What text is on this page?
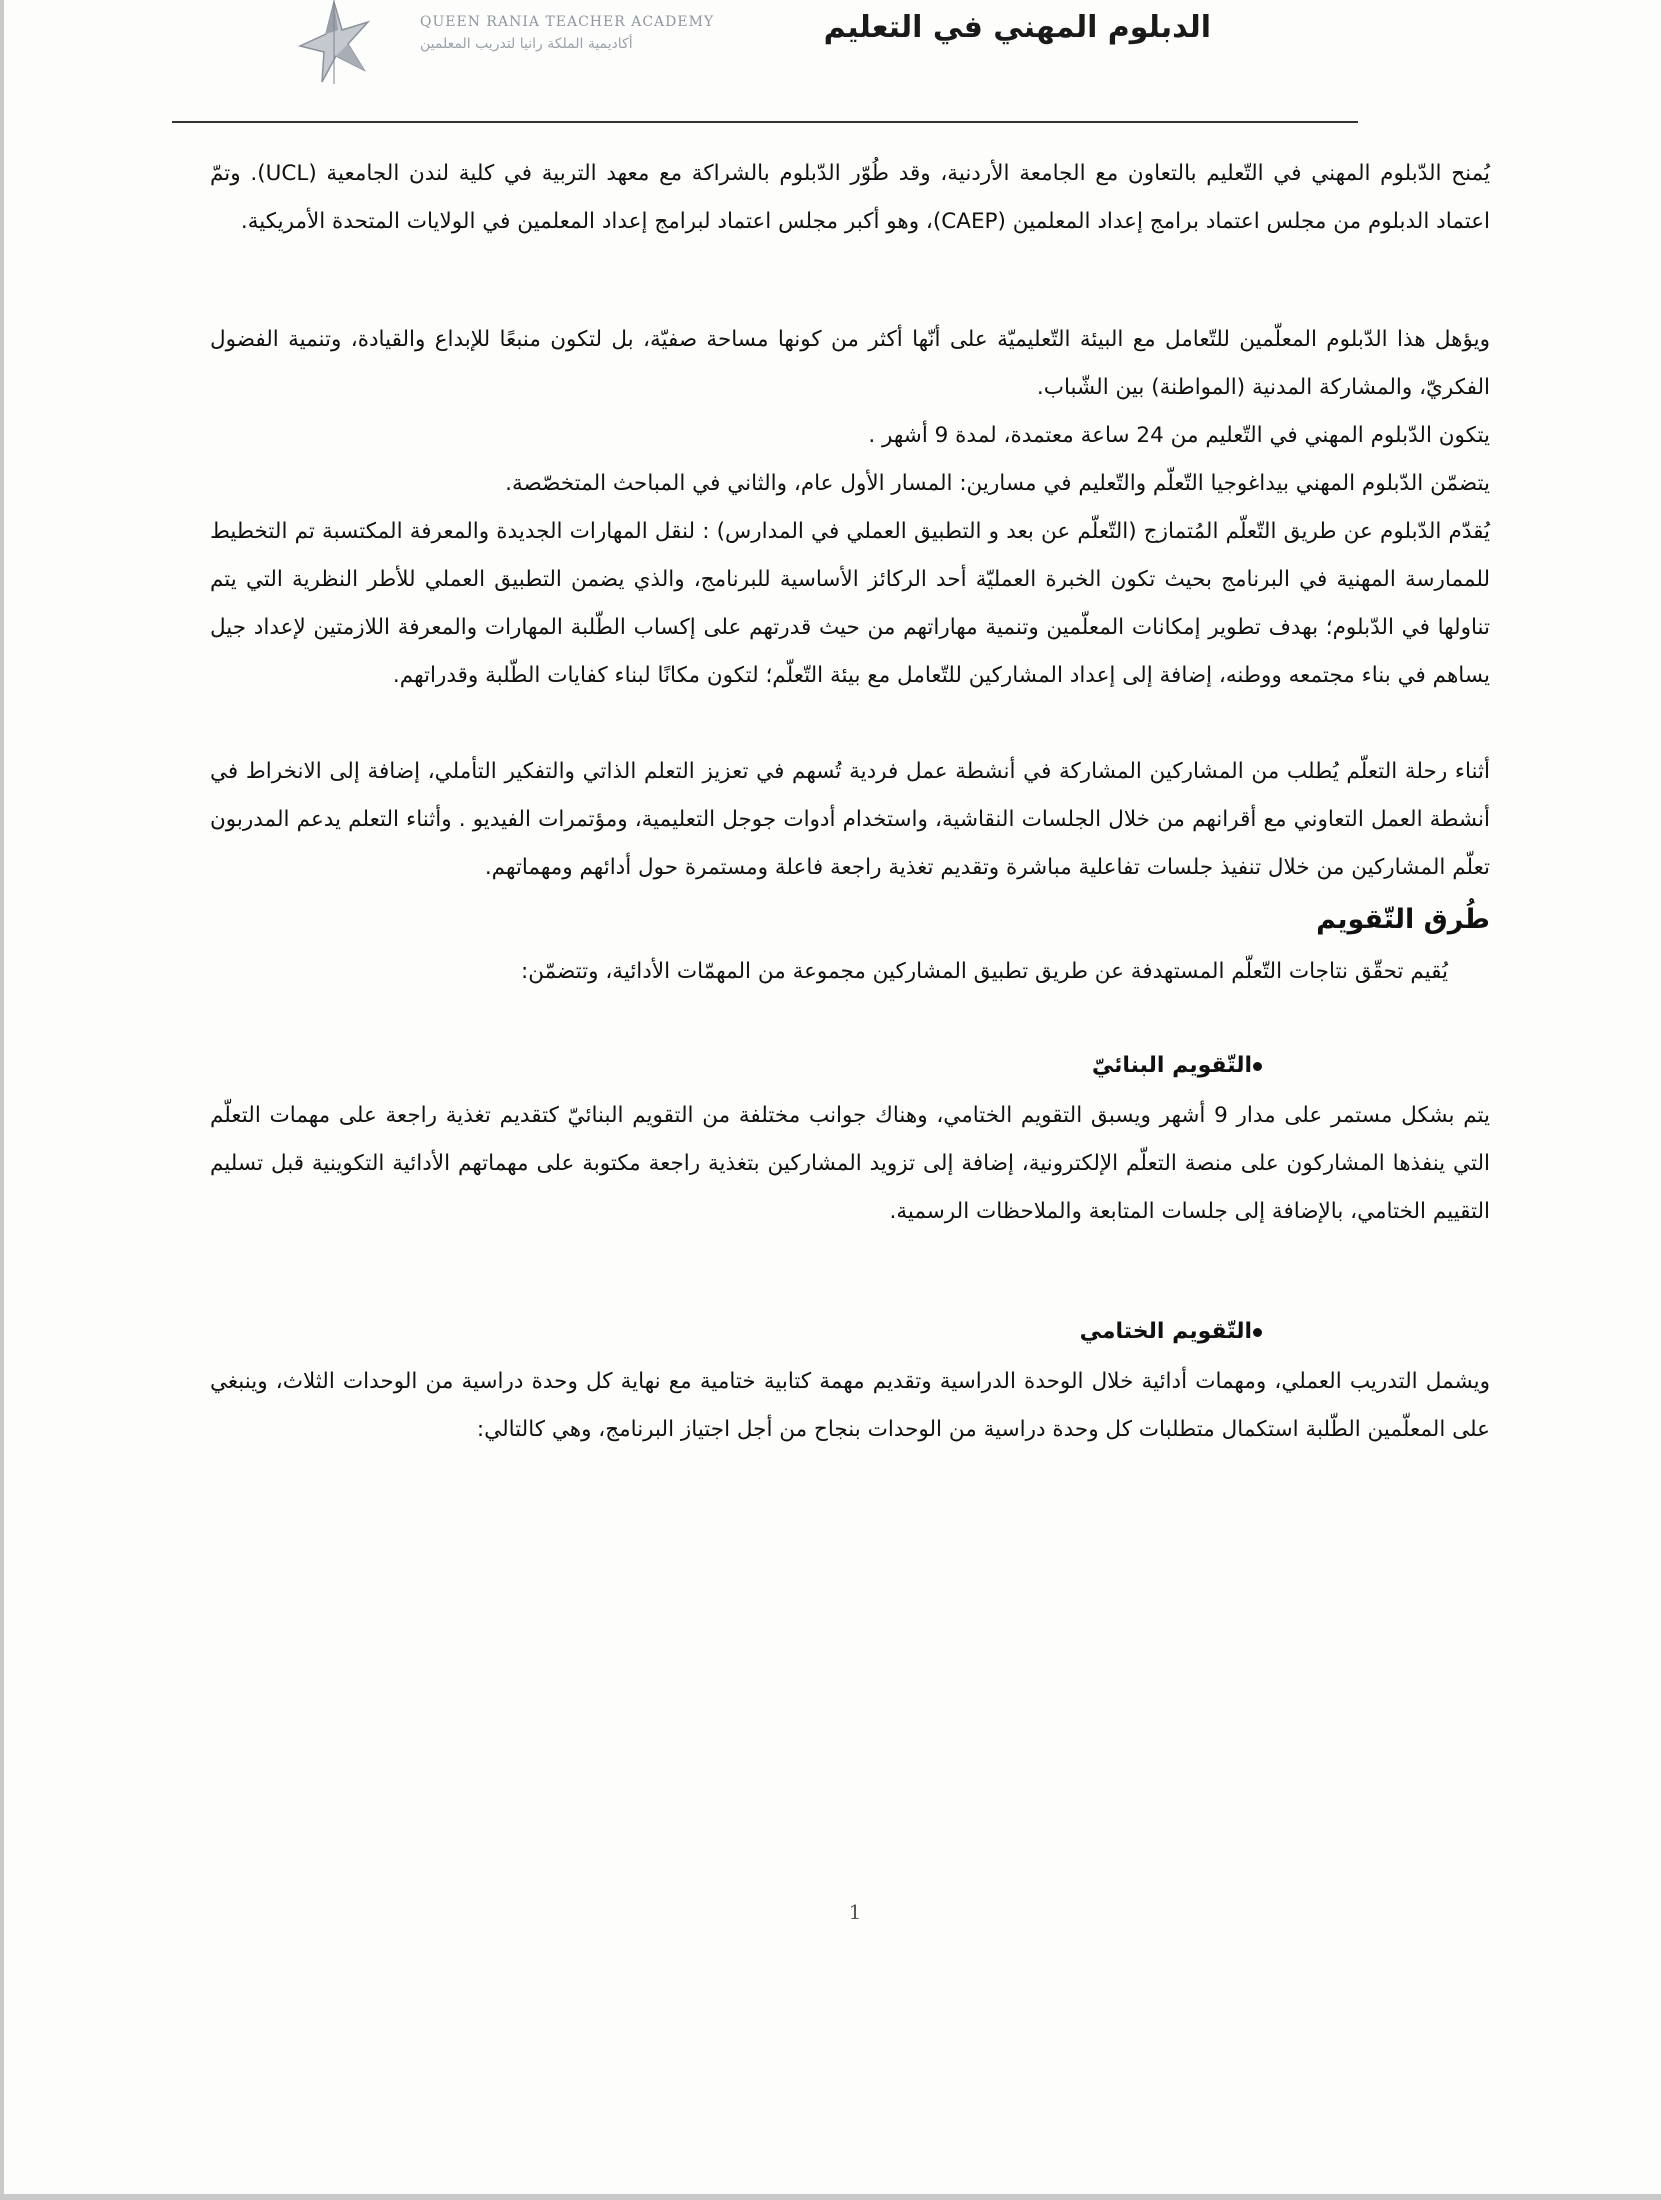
QUEEN RANIA TEACHER ACADEMY
أكاديمية الملكة رانيا لتدريب المعلمين	الدبلوم المهني في التعليم

يُمنح الدّبلوم المهني في التّعليم بالتعاون مع الجامعة الأردنية، وقد طُوّر الدّبلوم بالشراكة مع معهد التربية في كلية لندن الجامعية (UCL). وتمّ اعتماد الدبلوم من مجلس اعتماد برامج إعداد المعلمين (CAEP)، وهو أكبر مجلس اعتماد لبرامج إعداد المعلمين في الولايات المتحدة الأمريكية.

ويؤهل هذا الدّبلوم المعلّمين للتّعامل مع البيئة التّعليميّة على أنّها أكثر من كونها مساحة صفيّة، بل لتكون منبعًا للإبداع والقيادة، وتنمية الفضول الفكريّ، والمشاركة المدنية (المواطنة) بين الشّباب.

يتكون الدّبلوم المهني في التّعليم من 24 ساعة معتمدة، لمدة 9 أشهر .

يتضمّن الدّبلوم المهني بيداغوجيا التّعلّم والتّعليم في مسارين: المسار الأول عام، والثاني في المباحث المتخصّصة.

يُقدّم الدّبلوم عن طريق التّعلّم المُتمازج (التّعلّم عن بعد و التطبيق العملي في المدارس) : لنقل المهارات الجديدة والمعرفة المكتسبة تم التخطيط للممارسة المهنية في البرنامج بحيث تكون الخبرة العمليّة أحد الركائز الأساسية للبرنامج، والذي يضمن التطبيق العملي للأطر النظرية التي يتم تناولها في الدّبلوم؛ بهدف تطوير إمكانات المعلّمين وتنمية مهاراتهم من حيث قدرتهم على إكساب الطّلبة المهارات والمعرفة اللازمتين لإعداد جيل يساهم في بناء مجتمعه ووطنه، إضافة إلى إعداد المشاركين للتّعامل مع بيئة التّعلّم؛ لتكون مكانًا لبناء كفايات الطّلبة وقدراتهم.

أثناء رحلة التعلّم يُطلب من المشاركين المشاركة في أنشطة عمل فردية تُسهم في تعزيز التعلم الذاتي والتفكير التأملي، إضافة إلى الانخراط في أنشطة العمل التعاوني مع أقرانهم من خلال الجلسات النقاشية، واستخدام أدوات جوجل التعليمية، ومؤتمرات الفيديو . وأثناء التعلم يدعم المدربون تعلّم المشاركين من خلال تنفيذ جلسات تفاعلية مباشرة وتقديم تغذية راجعة فاعلة ومستمرة حول أدائهم ومهماتهم.

طُرق التّقويم

يُقيم تحقّق نتاجات التّعلّم المستهدفة عن طريق تطبيق المشاركين مجموعة من المهمّات الأدائية، وتتضمّن:

التّقويم البنائيّ

يتم بشكل مستمر على مدار 9 أشهر ويسبق التقويم الختامي، وهناك جوانب مختلفة من التقويم البنائيّ كتقديم تغذية راجعة على مهمات التعلّم التي ينفذها المشاركون على منصة التعلّم الإلكترونية، إضافة إلى تزويد المشاركين بتغذية راجعة مكتوبة على مهماتهم الأدائية التكوينية قبل تسليم التقييم الختامي، بالإضافة إلى جلسات المتابعة والملاحظات الرسمية.

التّقويم الختامي

ويشمل التدريب العملي، ومهمات أدائية خلال الوحدة الدراسية وتقديم مهمة كتابية ختامية مع نهاية كل وحدة دراسية من الوحدات الثلاث، وينبغي على المعلّمين الطّلبة استكمال متطلبات كل وحدة دراسية من الوحدات بنجاح من أجل اجتياز البرنامج، وهي كالتالي:

1
